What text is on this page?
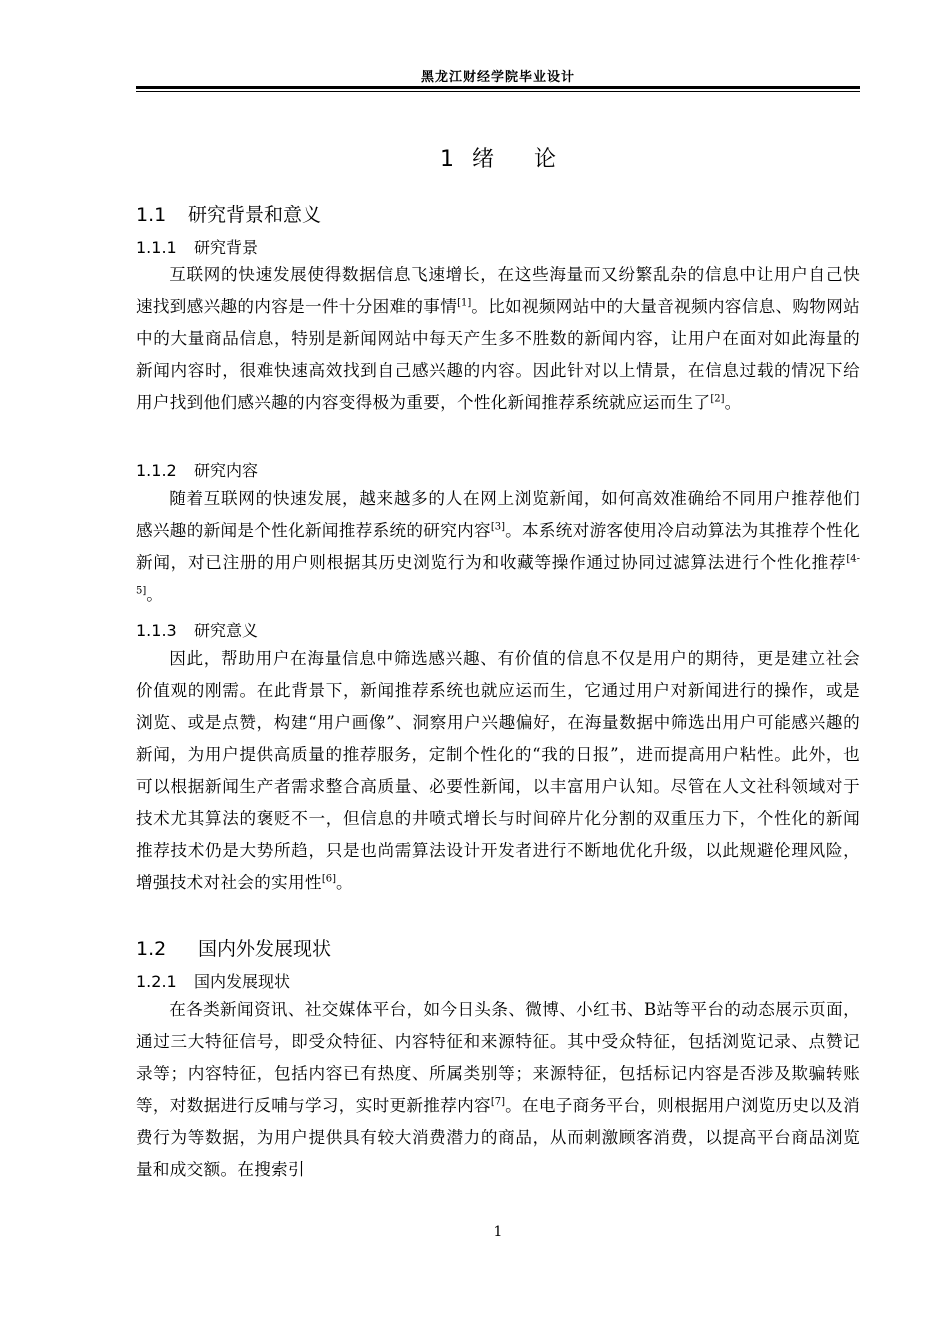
黑龙江财经学院毕业设计
1 绪论
1.1 研究背景和意义
1.1.1 研究背景

互联网的快速发展使得数据信息飞速增长，在这些海量而又纷繁乱杂的信息中让用户自己快速找到感兴趣的内容是一件十分困难的事情[1]。比如视频网站中的大量音视频内容信息、购物网站中的大量商品信息，特别是新闻网站中每天产生多不胜数的新闻内容，让用户在面对如此海量的新闻内容时，很难快速高效找到自己感兴趣的内容。因此针对以上情景，在信息过载的情况下给用户找到他们感兴趣的内容变得极为重要，个性化新闻推荐系统就应运而生了[2]。

1.1.2 研究内容

随着互联网的快速发展，越来越多的人在网上浏览新闻，如何高效准确给不同用户推荐他们感兴趣的新闻是个性化新闻推荐系统的研究内容[3]。本系统对游客使用冷启动算法为其推荐个性化新闻，对已注册的用户则根据其历史浏览行为和收藏等操作通过协同过滤算法进行个性化推荐[4-5]。

1.1.3 研究意义

因此，帮助用户在海量信息中筛选感兴趣、有价值的信息不仅是用户的期待，更是建立社会价值观的刚需。在此背景下，新闻推荐系统也就应运而生，它通过用户对新闻进行的操作，或是浏览、或是点赞，构建“用户画像”、洞察用户兴趣偏好，在海量数据中筛选出用户可能感兴趣的新闻，为用户提供高质量的推荐服务，定制个性化的“我的日报”，进而提高用户粘性。此外，也可以根据新闻生产者需求整合高质量、必要性新闻，以丰富用户认知。尽管在人文社科领域对于技术尤其算法的褒贬不一，但信息的井喷式增长与时间碎片化分割的双重压力下，个性化的新闻推荐技术仍是大势所趋，只是也尚需算法设计开发者进行不断地优化升级，以此规避伦理风险，增强技术对社会的实用性[6]。

1.2 国内外发展现状
1.2.1 国内发展现状

在各类新闻资讯、社交媒体平台，如今日头条、微博、小红书、B站等平台的动态展示页面，通过三大特征信号，即受众特征、内容特征和来源特征。其中受众特征，包括浏览记录、点赞记录等；内容特征，包括内容已有热度、所属类别等；来源特征，包括标记内容是否涉及欺骗转账等，对数据进行反哺与学习，实时更新推荐内容[7]。在电子商务平台，则根据用户浏览历史以及消费行为等数据，为用户提供具有较大消费潜力的商品，从而刺激顾客消费，以提高平台商品浏览量和成交额。在搜索引

1
